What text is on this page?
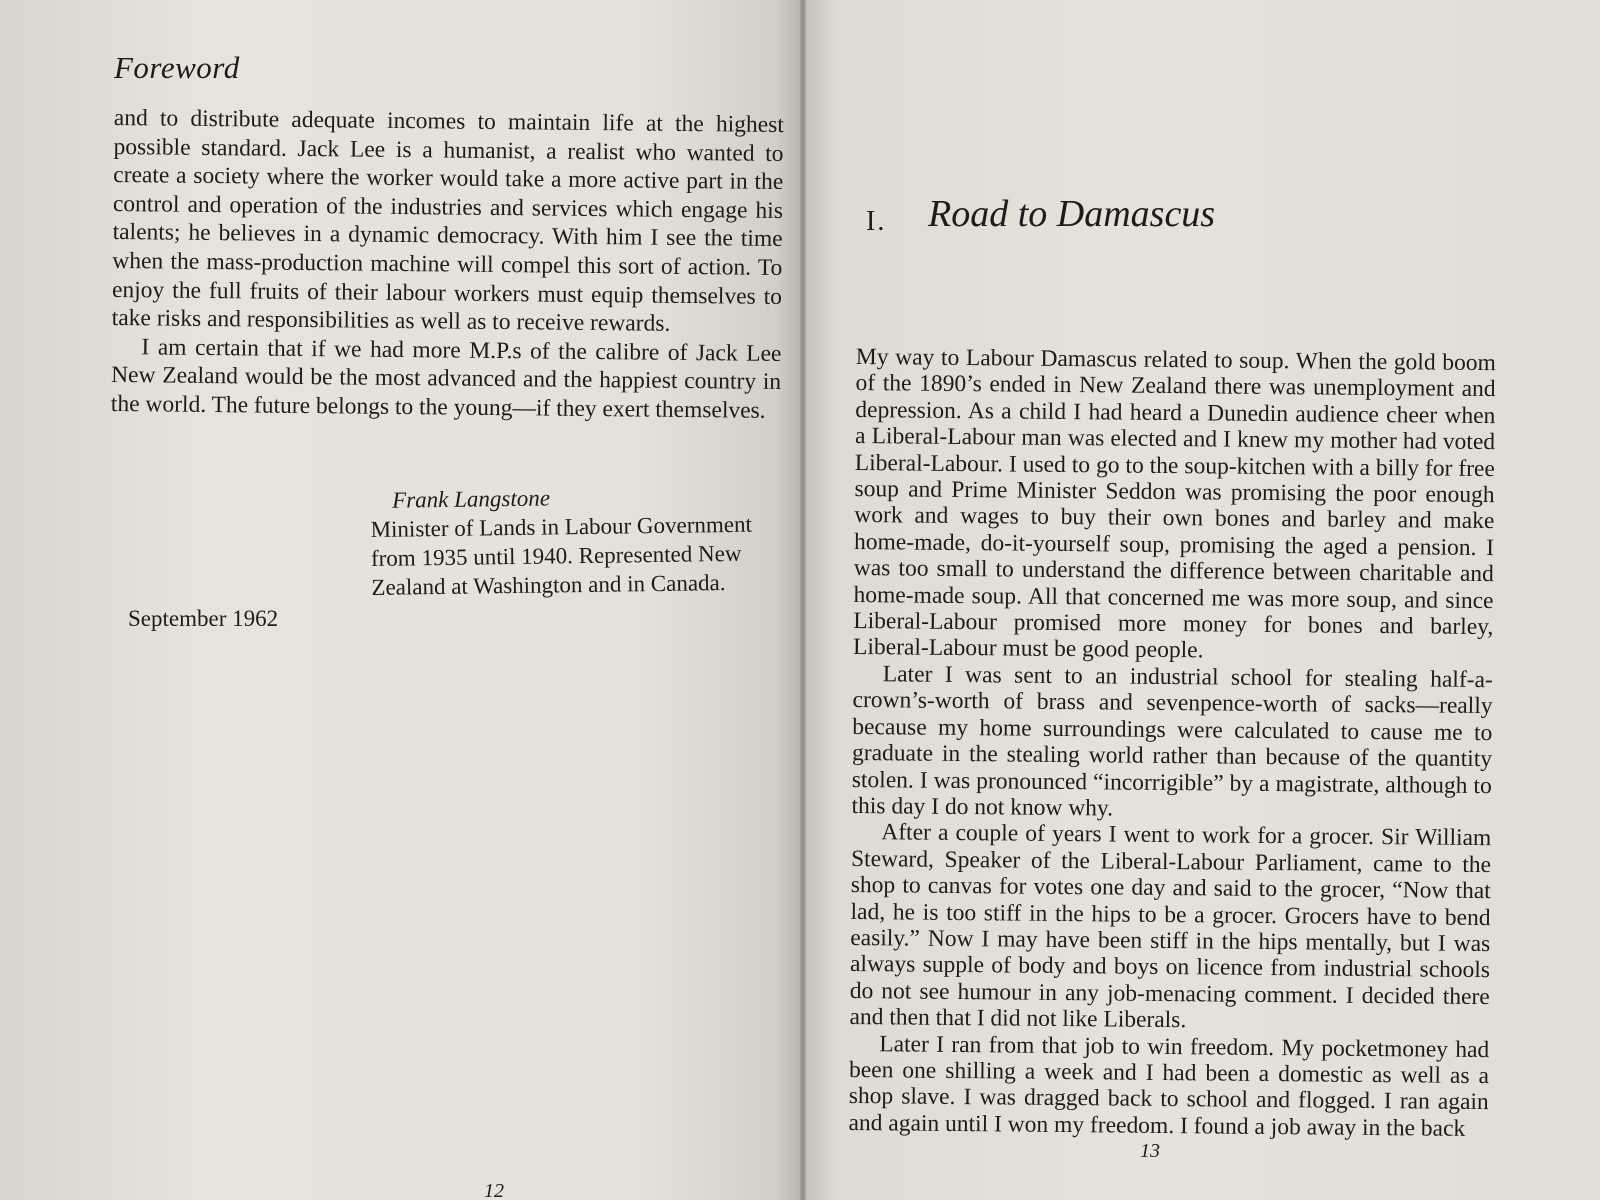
Foreword

and to distribute adequate incomes to maintain life at the highest possible standard. Jack Lee is a humanist, a realist who wanted to create a society where the worker would take a more active part in the control and operation of the industries and services which engage his talents; he believes in a dynamic democracy. With him I see the time when the mass-production machine will compel this sort of action. To enjoy the full fruits of their labour workers must equip themselves to take risks and responsibilities as well as to receive rewards.

I am certain that if we had more M.P.s of the calibre of Jack Lee New Zealand would be the most advanced and the happiest country in the world. The future belongs to the young—if they exert themselves.

Frank Langstone
Minister of Lands in Labour Government from 1935 until 1940. Represented New Zealand at Washington and in Canada.
September 1962
12
I. Road to Damascus

My way to Labour Damascus related to soup. When the gold boom of the 1890’s ended in New Zealand there was unemployment and depression. As a child I had heard a Dunedin audience cheer when a Liberal-Labour man was elected and I knew my mother had voted Liberal-Labour. I used to go to the soup-kitchen with a billy for free soup and Prime Minister Seddon was promising the poor enough work and wages to buy their own bones and barley and make home-made, do-it-yourself soup, promising the aged a pension. I was too small to understand the difference between charitable and home-made soup. All that concerned me was more soup, and since Liberal-Labour promised more money for bones and barley, Liberal-Labour must be good people.

Later I was sent to an industrial school for stealing half-a-crown’s-worth of brass and sevenpence-worth of sacks—really because my home surroundings were calculated to cause me to graduate in the stealing world rather than because of the quantity stolen. I was pronounced “incorrigible” by a magistrate, although to this day I do not know why.

After a couple of years I went to work for a grocer. Sir William Steward, Speaker of the Liberal-Labour Parliament, came to the shop to canvas for votes one day and said to the grocer, “Now that lad, he is too stiff in the hips to be a grocer. Grocers have to bend easily.” Now I may have been stiff in the hips mentally, but I was always supple of body and boys on licence from industrial schools do not see humour in any job-menacing comment. I decided there and then that I did not like Liberals.

Later I ran from that job to win freedom. My pocketmoney had been one shilling a week and I had been a domestic as well as a shop slave. I was dragged back to school and flogged. I ran again and again until I won my freedom. I found a job away in the back

13
